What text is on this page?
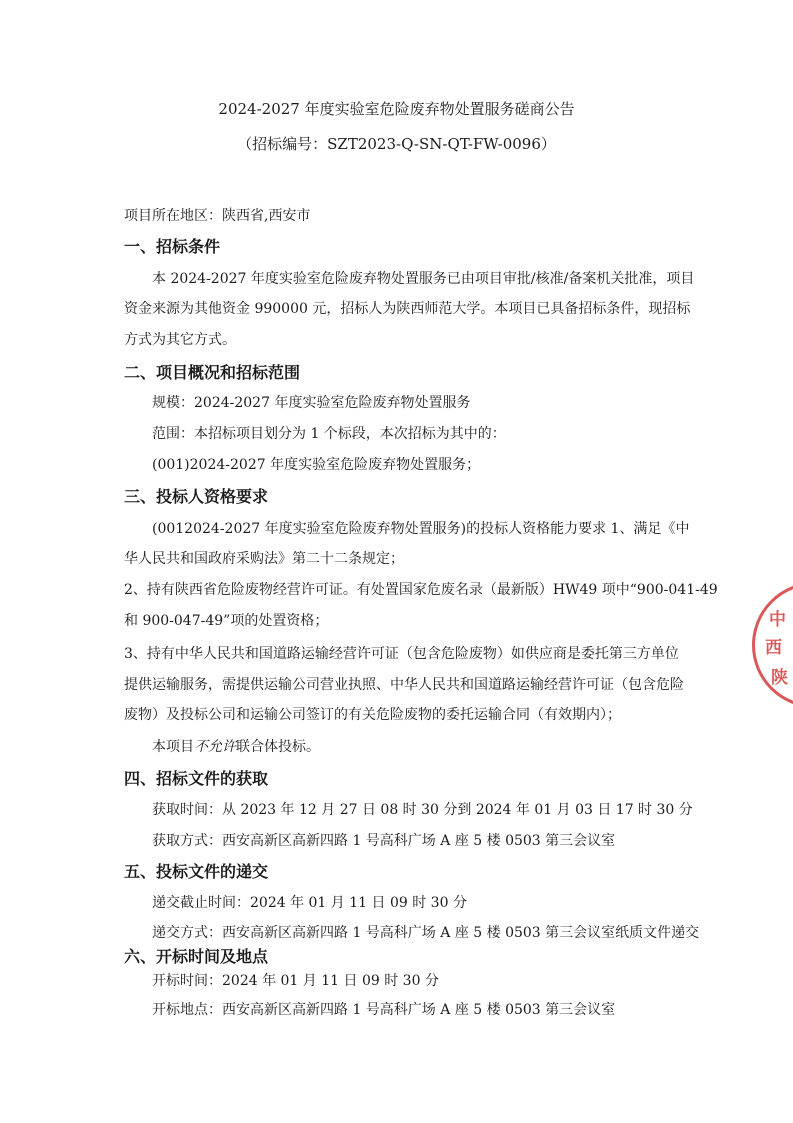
2024-2027 年度实验室危险废弃物处置服务磋商公告
（招标编号：SZT2023-Q-SN-QT-FW-0096）
项目所在地区：陕西省,西安市
一、招标条件
本 2024-2027 年度实验室危险废弃物处置服务已由项目审批/核准/备案机关批准，项目
资金来源为其他资金 990000 元，招标人为陕西师范大学。本项目已具备招标条件，现招标
方式为其它方式。
二、项目概况和招标范围
规模：2024-2027 年度实验室危险废弃物处置服务
范围：本招标项目划分为 1 个标段，本次招标为其中的：
(001)2024-2027 年度实验室危险废弃物处置服务；
三、投标人资格要求
(0012024-2027 年度实验室危险废弃物处置服务)的投标人资格能力要求 1、满足《中
华人民共和国政府采购法》第二十二条规定；
2、持有陕西省危险废物经营许可证。有处置国家危废名录（最新版）HW49 项中“900-041-49
和 900-047-49”项的处置资格；
3、持有中华人民共和国道路运输经营许可证（包含危险废物）如供应商是委托第三方单位
提供运输服务，需提供运输公司营业执照、中华人民共和国道路运输经营许可证（包含危险
废物）及投标公司和运输公司签订的有关危险废物的委托运输合同（有效期内）；
本项目不允许联合体投标。
四、招标文件的获取
获取时间：从 2023 年 12 月 27 日 08 时 30 分到 2024 年 01 月 03 日 17 时 30 分
获取方式：西安高新区高新四路 1 号高科广场 A 座 5 楼 0503 第三会议室
五、投标文件的递交
递交截止时间：2024 年 01 月 11 日 09 时 30 分
递交方式：西安高新区高新四路 1 号高科广场 A 座 5 楼 0503 第三会议室纸质文件递交
六、开标时间及地点
开标时间：2024 年 01 月 11 日 09 时 30 分
开标地点：西安高新区高新四路 1 号高科广场 A 座 5 楼 0503 第三会议室
中
西
陕
